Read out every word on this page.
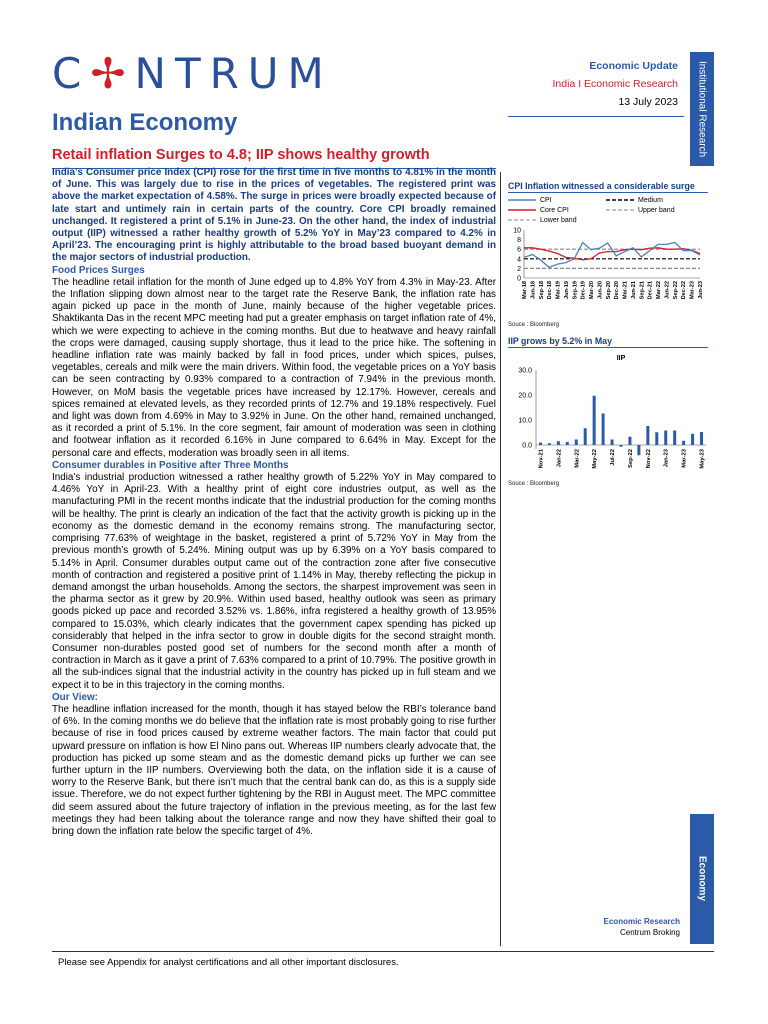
C✢NTRUM
Indian Economy
Retail inflation Surges to 4.8; IIP shows healthy growth
Economic Update
India I Economic Research
13 July 2023	Institutional Research

India’s Consumer price Index (CPI) rose for the first time in five months to 4.81% in the month of June. This was largely due to rise in the prices of vegetables. The registered print was above the market expectation of 4.58%. The surge in prices were broadly expected because of late start and untimely rain in certain parts of the country. Core CPI broadly remained unchanged. It registered a print of 5.1% in June-23. On the other hand, the index of industrial output (IIP) witnessed a rather healthy growth of 5.2% YoY in May’23 compared to 4.2% in April’23. The encouraging print is highly attributable to the broad based buoyant demand in the major sectors of industrial production.

Food Prices Surges

The headline retail inflation for the month of June edged up to 4.8% YoY from 4.3% in May-23. After the Inflation slipping down almost near to the target rate the Reserve Bank, the inflation rate has again picked up pace in the month of June, mainly because of the higher vegetable prices. Shaktikanta Das in the recent MPC meeting had put a greater emphasis on target inflation rate of 4%, which we were expecting to achieve in the coming months. But due to heatwave and heavy rainfall the crops were damaged, causing supply shortage, thus it lead to the price hike. The softening in headline inflation rate was mainly backed by fall in food prices, under which spices, pulses, vegetables, cereals and milk were the main drivers. Within food, the vegetable prices on a YoY basis can be seen contracting by 0.93% compared to a contraction of 7.94% in the previous month. However, on MoM basis the vegetable prices have increased by 12.17%. However, cereals and spices remained at elevated levels, as they recorded prints of 12.7% and 19.18% respectively. Fuel and light was down from 4.69% in May to 3.92% in June. On the other hand, remained unchanged, as it recorded a print of 5.1%. In the core segment, fair amount of moderation was seen in clothing and footwear inflation as it recorded 6.16% in June compared to 6.64% in May. Except for the personal care and effects, moderation was broadly seen in all items.

Consumer durables in Positive after Three Months

India’s industrial production witnessed a rather healthy growth of 5.22% YoY in May compared to 4.46% YoY in April-23. With a healthy print of eight core industries output, as well as the manufacturing PMI in the recent months indicate that the industrial production for the coming months will be healthy. The print is clearly an indication of the fact that the activity growth is picking up in the economy as the domestic demand in the economy remains strong. The manufacturing sector, comprising 77.63% of weightage in the basket, registered a print of 5.72% YoY in May from the previous month’s growth of 5.24%. Mining output was up by 6.39% on a YoY basis compared to 5.14% in April. Consumer durables output came out of the contraction zone after five consecutive month of contraction and registered a positive print of 1.14% in May, thereby reflecting the pickup in demand amongst the urban households. Among the sectors, the sharpest improvement was seen in the pharma sector as it grew by 20.9%. Within used based, healthy outlook was seen as primary goods picked up pace and recorded 3.52% vs. 1.86%, infra registered a healthy growth of 13.95% compared to 15.03%, which clearly indicates that the government capex spending has picked up considerably that helped in the infra sector to grow in double digits for the second straight month. Consumer non-durables posted good set of numbers for the second month after a month of contraction in March as it gave a print of 7.63% compared to a print of 10.79%. The positive growth in all the sub-indices signal that the industrial activity in the country has picked up in full steam and we expect it to be in this trajectory in the coming months.

Our View:

The headline inflation increased for the month, though it has stayed below the RBI’s tolerance band of 6%. In the coming months we do believe that the inflation rate is most probably going to rise further because of rise in food prices caused by extreme weather factors. The main factor that could put upward pressure on inflation is how El Nino pans out. Whereas IIP numbers clearly advocate that, the production has picked up some steam and as the domestic demand picks up further we can see further upturn in the IIP numbers. Overviewing both the data, on the inflation side it is a cause of worry to the Reserve Bank, but there isn’t much that the central bank can do, as this is a supply side issue. Therefore, we do not expect further tightening by the RBI in August meet. The MPC committee did seem assured about the future trajectory of inflation in the previous meeting, as for the last few meetings they had been talking about the tolerance range and now they have shifted their goal to bring down the inflation rate below the specific target of 4%.

CPI Inflation witnessed a considerable surge
CPI
Core CPI
Lower band
Medium
Upper band
0
2
4
6
8
10
Mar-18 Jun-18 Sep-18 Dec-18 Mar-19 Jun-19 Sep-19 Dec-19 Mar-20 Jun-20 Sep-20 Dec-20 Mar-21 Jun-21 Sep-21 Dec-21 Mar-22 Jun-22 Sep-22 Dec-22 Mar-23 Jun-23
Souce : Bloomberg
IIP grows by 5.2% in May
IIP
0.0
10.0
20.0
30.0
Nov-21 Jan-22 Mar-22 May-22 Jul-22 Sep-22 Nov-22 Jan-23 Mar-23 May-23
Souce : Bloomberg
Economy
Economic Research
Centrum Broking
Please see Appendix for analyst certifications and all other important disclosures.
